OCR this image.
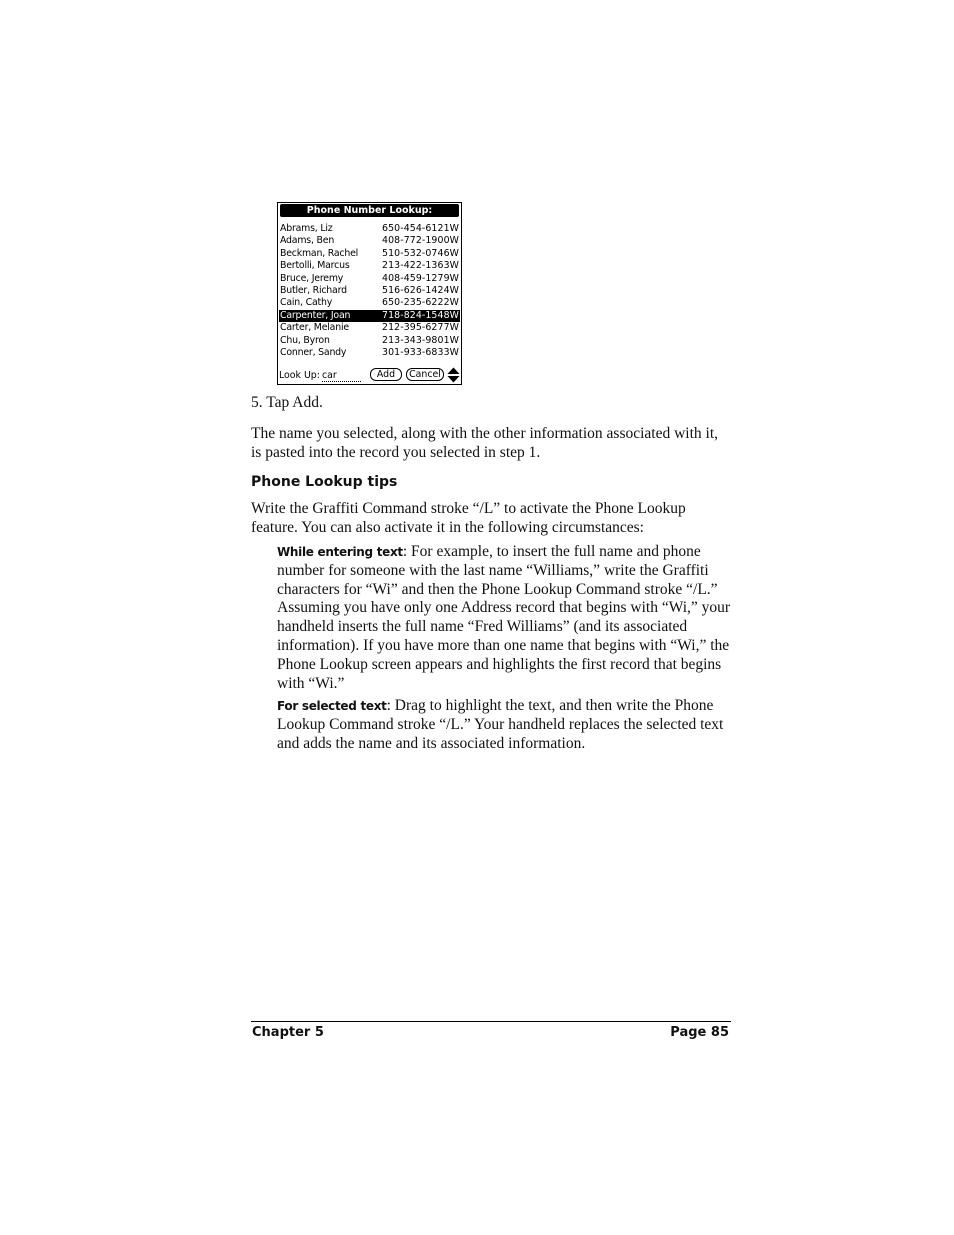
Phone Number Lookup:
Abrams, Liz	650-454-6121W
Adams, Ben	408-772-1900W
Beckman, Rachel	510-532-0746W
Bertolli, Marcus	213-422-1363W
Bruce, Jeremy	408-459-1279W
Butler, Richard	516-626-1424W
Cain, Cathy	650-235-6222W
Carpenter, Joan	718-824-1548W
Carter, Melanie	212-395-6277W
Chu, Byron	213-343-9801W
Conner, Sandy	301-933-6833W
Look Up: car	Add	Cancel
5. Tap Add.
The name you selected, along with the other information associated with it, is pasted into the record you selected in step 1.
Phone Lookup tips
Write the Graffiti Command stroke “/L” to activate the Phone Lookup feature. You can also activate it in the following circumstances:
While entering text: For example, to insert the full name and phone number for someone with the last name “Williams,” write the Graffiti characters for “Wi” and then the Phone Lookup Command stroke “/L.” Assuming you have only one Address record that begins with “Wi,” your handheld inserts the full name “Fred Williams” (and its associated information). If you have more than one name that begins with “Wi,” the Phone Lookup screen appears and highlights the first record that begins with “Wi.”
For selected text: Drag to highlight the text, and then write the Phone Lookup Command stroke “/L.” Your handheld replaces the selected text and adds the name and its associated information.
Chapter 5	Page 85
